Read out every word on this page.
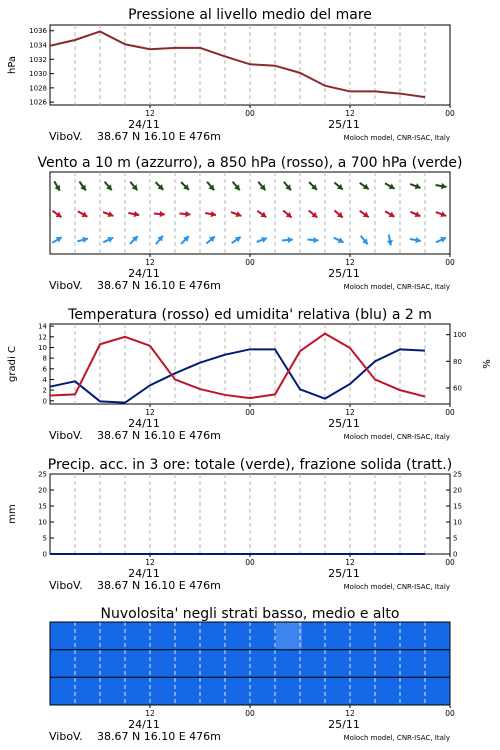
Pressione al livello medio del mare
hPa
1026
1028
1030
1032
1034
1036
12	00	12	00
24/11	25/11
ViboV. 38.67 N 16.10 E 476m	Moloch model, CNR-ISAC, Italy
Vento a 10 m (azzurro), a 850 hPa (rosso), a 700 hPa (verde)
12	00	12	00
24/11	25/11
ViboV. 38.67 N 16.10 E 476m	Moloch model, CNR-ISAC, Italy
Temperatura (rosso) ed umidita' relativa (blu) a 2 m
gradi C	%
0
2
4
6
8
10
12
14
60
80
100
12	00	12	00
24/11	25/11
ViboV. 38.67 N 16.10 E 476m	Moloch model, CNR-ISAC, Italy
Precip. acc. in 3 ore: totale (verde), frazione solida (tratt.)
mm
0
5
10
15
20
25
0
5
10
15
20
25
12	00	12	00
24/11	25/11
ViboV. 38.67 N 16.10 E 476m	Moloch model, CNR-ISAC, Italy
Nuvolosita' negli strati basso, medio e alto
12	00	12	00
24/11	25/11
ViboV. 38.67 N 16.10 E 476m	Moloch model, CNR-ISAC, Italy
